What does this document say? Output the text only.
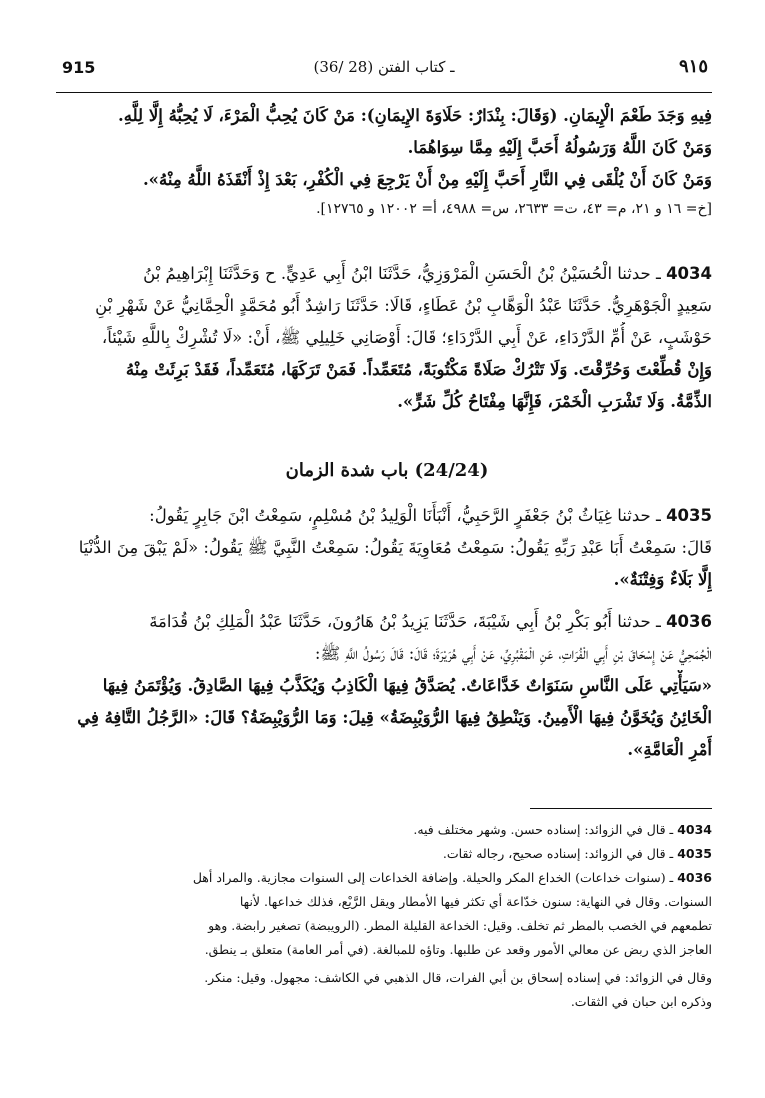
915	(36/ 28) ـ كتاب الفتن	٩١٥
فِيهِ وَجَدَ طَعْمَ الْإِيمَانِ. (وَقَالَ: بِنْدَارٌ: حَلَاوَةَ الإِيمَانِ): مَنْ كَانَ يُحِبُّ الْمَرْءَ، لَا يُحِبُّهُ إِلَّا لِلَّهِ.
وَمَنْ كَانَ اللَّهُ وَرَسُولُهُ أَحَبَّ إِلَيْهِ مِمَّا سِوَاهُمَا.
وَمَنْ كَانَ أَنْ يُلْقَى فِي النَّارِ أَحَبَّ إِلَيْهِ مِنْ أَنْ يَرْجِعَ فِي الْكُفْرِ، بَعْدَ إِذْ أَنْقَذَهُ اللَّهُ مِنْهُ».
[خ= ١٦ و ٢١، م= ٤٣، ت= ٢٦٣٣، س= ٤٩٨٨، أ= ١٢٠٠٢ و ١٢٧٦٥].
4034 ـ حدثنا الْحُسَيْنُ بْنُ الْحَسَنِ الْمَرْوَزِيُّ، حَدَّثَنَا ابْنُ أَبِي عَدِيٍّ. ح وَحَدَّثَنَا إِبْرَاهِيمُ بْنُ
سَعِيدٍ الْجَوْهَرِيُّ. حَدَّثَنَا عَبْدُ الْوَهَّابِ بْنُ عَطَاءٍ، قَالَا: حَدَّثَنَا رَاشِدٌ أَبُو مُحَمَّدٍ الْحِمَّانِيُّ عَنْ شَهْرِ بْنِ
حَوْشَبٍ، عَنْ أُمِّ الدَّرْدَاءِ، عَنْ أَبِي الدَّرْدَاءِ؛ قَالَ: أَوْصَانِي خَلِيلِي ﷺ، أَنْ: «لَا تُشْرِكْ بِاللَّهِ شَيْئاً،
وَإِنْ قُطِّعْتَ وَحُرِّقْتَ. وَلَا تَتْرُكْ صَلَاةً مَكْتُوبَةً، مُتَعَمِّداً. فَمَنْ تَرَكَهَا، مُتَعَمِّداً، فَقَدْ بَرِئَتْ مِنْهُ
الذِّمَّةُ. وَلَا تَشْرَبِ الْخَمْرَ، فَإِنَّهَا مِفْتَاحُ كُلِّ شَرٍّ».
(24/24) باب شدة الزمان
4035 ـ حدثنا غِيَاثُ بْنُ جَعْفَرٍ الرَّحَبِيُّ، أَنْبَأَنَا الْوَلِيدُ بْنُ مُسْلِمٍ، سَمِعْتُ ابْنَ جَابِرٍ يَقُولُ:
قَالَ: سَمِعْتُ أَبَا عَبْدِ رَبِّهِ يَقُولُ: سَمِعْتُ مُعَاوِيَةَ يَقُولُ: سَمِعْتُ النَّبِيَّ ﷺ يَقُولُ: «لَمْ يَبْقَ مِنَ الدُّنْيَا
إِلَّا بَلَاءٌ وَفِتْنَةٌ».
4036 ـ حدثنا أَبُو بَكْرِ بْنُ أَبِي شَيْبَةَ، حَدَّثَنَا يَزِيدُ بْنُ هَارُونَ، حَدَّثَنَا عَبْدُ الْمَلِكِ بْنُ قُدَامَةَ
الْجُمَحِيُّ عَنْ إِسْحَاقَ بْنِ أَبِي الْفُرَاتِ، عَنِ الْمَقْبُرِيِّ، عَنْ أَبِي هُرَيْرَةَ؛ قَالَ: قَالَ رَسُولُ اللَّهِ ﷺ:
«سَيَأْتِي عَلَى النَّاسِ سَنَوَاتٌ خَدَّاعَاتٌ. يُصَدَّقُ فِيهَا الْكَاذِبُ وَيُكَذَّبُ فِيهَا الصَّادِقُ. وَيُؤْتَمَنُ فِيهَا
الْخَائِنُ وَيُخَوَّنُ فِيهَا الْأَمِينُ. وَيَنْطِقُ فِيهَا الرُّوَيْبِضَةُ» قِيلَ: وَمَا الرُّوَيْبِضَةُ؟ قَالَ: «الرَّجُلُ التَّافِهُ فِي
أَمْرِ الْعَامَّةِ».
4034 ـ قال في الزوائد: إسناده حسن. وشهر مختلف فيه.
4035 ـ قال في الزوائد: إسناده صحيح، رجاله ثقات.
4036 ـ (سنوات خداعات) الخداع المكر والحيلة. وإضافة الخداعات إلى السنوات مجازية. والمراد أهل
السنوات. وقال في النهاية: سنون خدّاعة أي تكثر فيها الأمطار ويقل الرَّيْع، فذلك خداعها. لأنها
تطمعهم في الخصب بالمطر ثم تخلف. وقيل: الخداعة القليلة المطر. (الرويبضة) تصغير رابضة. وهو
العاجز الذي ربض عن معالي الأمور وقعد عن طلبها. وتاؤه للمبالغة. (في أمر العامة) متعلق بـ ينطق.
وقال في الزوائد: في إسناده إسحاق بن أبي الفرات، قال الذهبي في الكاشف: مجهول. وقيل: منكر.
وذكره ابن حبان في الثقات.
